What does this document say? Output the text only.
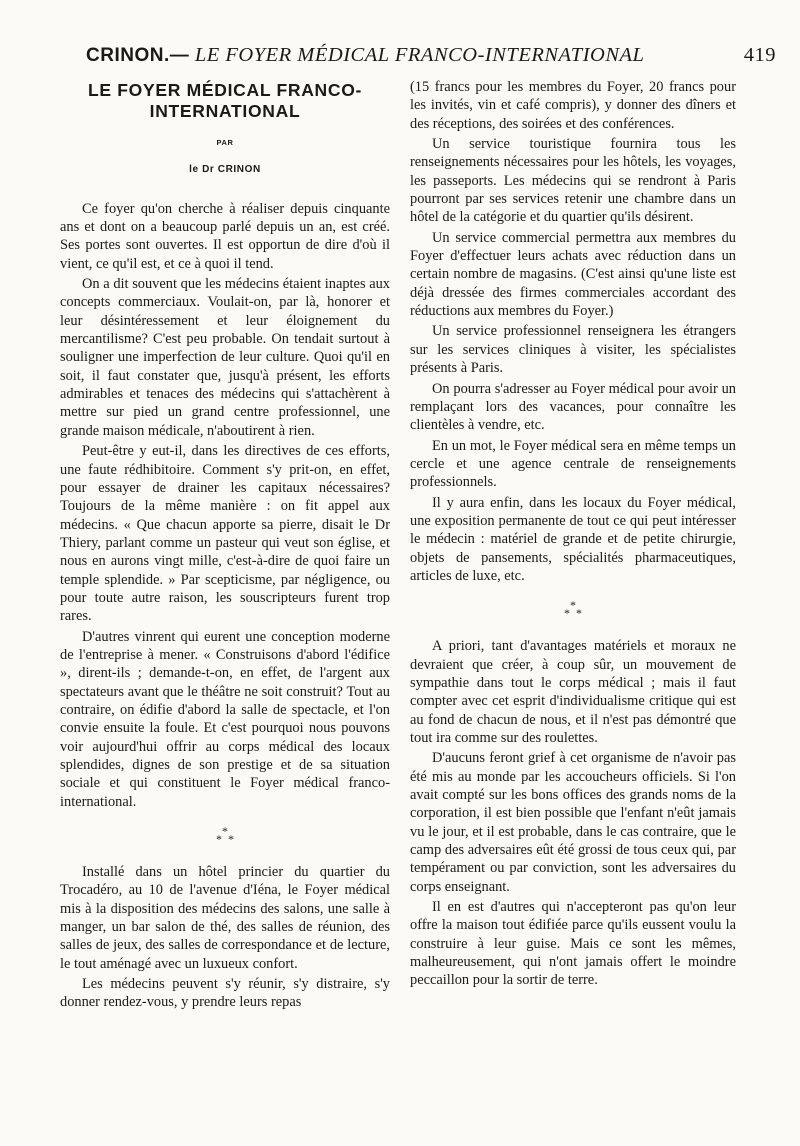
CRINON.— LE FOYER MÉDICAL FRANCO-INTERNATIONAL	419
LE FOYER MÉDICAL FRANCO-
INTERNATIONAL
PAR
le Dr CRINON

Ce foyer qu'on cherche à réaliser depuis cinquante ans et dont on a beaucoup parlé depuis un an, est créé. Ses portes sont ouvertes. Il est opportun de dire d'où il vient, ce qu'il est, et ce à quoi il tend.

On a dit souvent que les médecins étaient inaptes aux concepts commerciaux. Voulait-on, par là, honorer et leur désintéressement et leur éloignement du mercantilisme? C'est peu probable. On tendait surtout à souligner une imperfection de leur culture. Quoi qu'il en soit, il faut constater que, jusqu'à présent, les efforts admirables et tenaces des médecins qui s'attachèrent à mettre sur pied un grand centre professionnel, une grande maison médicale, n'aboutirent à rien.

Peut-être y eut-il, dans les directives de ces efforts, une faute rédhibitoire. Comment s'y prit-on, en effet, pour essayer de drainer les capitaux nécessaires? Toujours de la même manière : on fit appel aux médecins. « Que chacun apporte sa pierre, disait le Dr Thiery, parlant comme un pasteur qui veut son église, et nous en aurons vingt mille, c'est-à-dire de quoi faire un temple splendide. » Par scepticisme, par négligence, ou pour toute autre raison, les souscripteurs furent trop rares.

D'autres vinrent qui eurent une conception moderne de l'entreprise à mener. « Construisons d'abord l'édifice », dirent-ils ; demande-t-on, en effet, de l'argent aux spectateurs avant que le théâtre ne soit construit? Tout au contraire, on édifie d'abord la salle de spectacle, et l'on convie ensuite la foule. Et c'est pourquoi nous pouvons voir aujourd'hui offrir au corps médical des locaux splendides, dignes de son prestige et de sa situation sociale et qui constituent le Foyer médical franco-international.

*
* *

Installé dans un hôtel princier du quartier du Trocadéro, au 10 de l'avenue d'Iéna, le Foyer médical mis à la disposition des médecins des salons, une salle à manger, un bar salon de thé, des salles de réunion, des salles de jeux, des salles de correspondance et de lecture, le tout aménagé avec un luxueux confort.

Les médecins peuvent s'y réunir, s'y distraire, s'y donner rendez-vous, y prendre leurs repas

(15 francs pour les membres du Foyer, 20 francs pour les invités, vin et café compris), y donner des dîners et des réceptions, des soirées et des conférences.

Un service touristique fournira tous les renseignements nécessaires pour les hôtels, les voyages, les passeports. Les médecins qui se rendront à Paris pourront par ses services retenir une chambre dans un hôtel de la catégorie et du quartier qu'ils désirent.

Un service commercial permettra aux membres du Foyer d'effectuer leurs achats avec réduction dans un certain nombre de magasins. (C'est ainsi qu'une liste est déjà dressée des firmes commerciales accordant des réductions aux membres du Foyer.)

Un service professionnel renseignera les étrangers sur les services cliniques à visiter, les spécialistes présents à Paris.

On pourra s'adresser au Foyer médical pour avoir un remplaçant lors des vacances, pour connaître les clientèles à vendre, etc.

En un mot, le Foyer médical sera en même temps un cercle et une agence centrale de renseignements professionnels.

Il y aura enfin, dans les locaux du Foyer médical, une exposition permanente de tout ce qui peut intéresser le médecin : matériel de grande et de petite chirurgie, objets de pansements, spécialités pharmaceutiques, articles de luxe, etc.

*
* *

A priori, tant d'avantages matériels et moraux ne devraient que créer, à coup sûr, un mouvement de sympathie dans tout le corps médical ; mais il faut compter avec cet esprit d'individualisme critique qui est au fond de chacun de nous, et il n'est pas démontré que tout ira comme sur des roulettes.

D'aucuns feront grief à cet organisme de n'avoir pas été mis au monde par les accoucheurs officiels. Si l'on avait compté sur les bons offices des grands noms de la corporation, il est bien possible que l'enfant n'eût jamais vu le jour, et il est probable, dans le cas contraire, que le camp des adversaires eût été grossi de tous ceux qui, par tempérament ou par conviction, sont les adversaires du corps enseignant.

Il en est d'autres qui n'accepteront pas qu'on leur offre la maison tout édifiée parce qu'ils eussent voulu la construire à leur guise. Mais ce sont les mêmes, malheureusement, qui n'ont jamais offert le moindre peccaillon pour la sortir de terre.
